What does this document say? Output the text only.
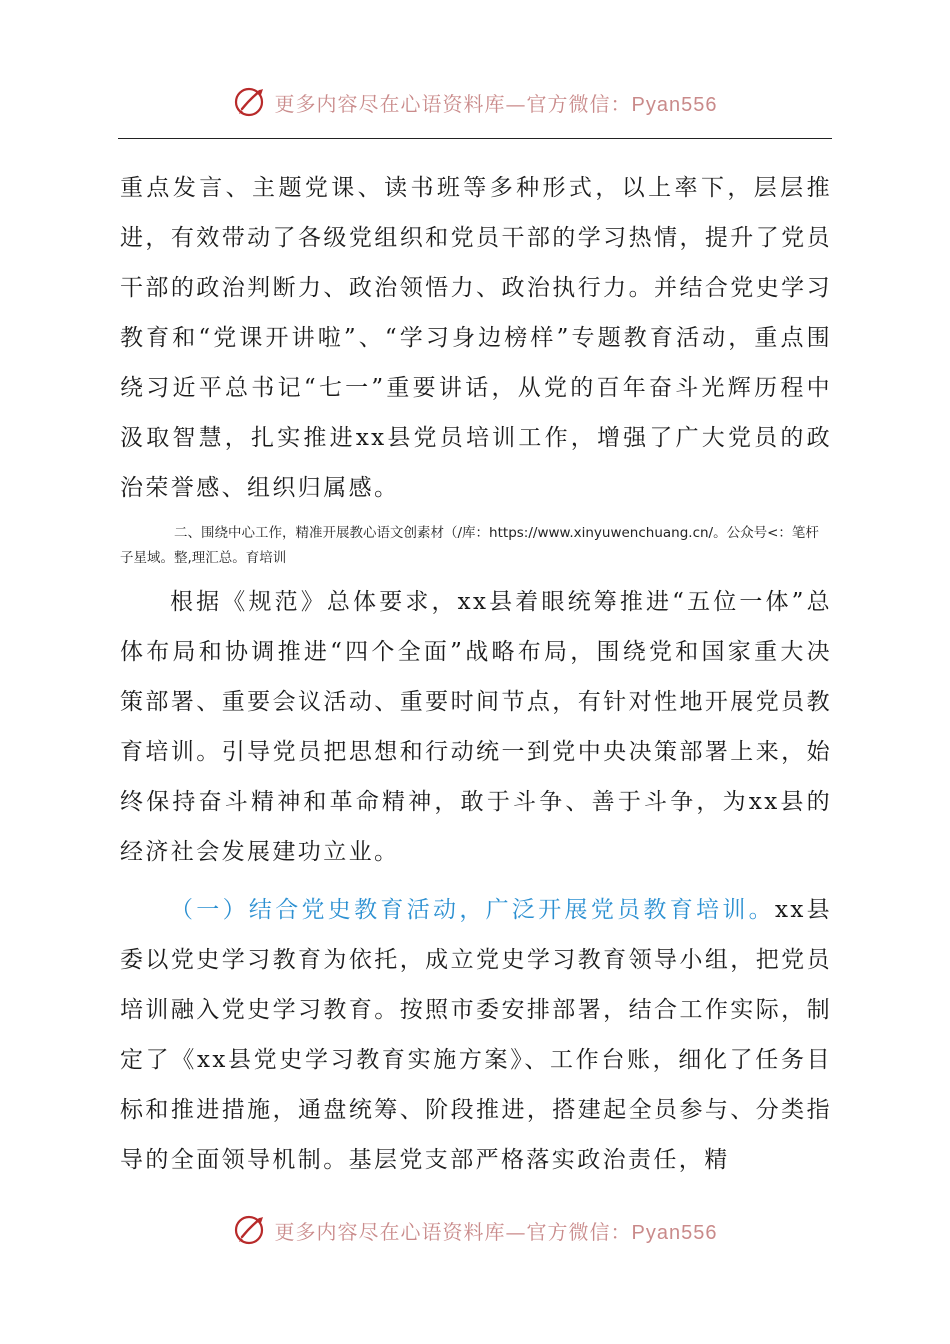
更多内容尽在心语资料库—官方微信：Pyan556

重点发言、主题党课、读书班等多种形式，以上率下，层层推进，有效带动了各级党组织和党员干部的学习热情，提升了党员干部的政治判断力、政治领悟力、政治执行力。并结合党史学习教育和“党课开讲啦”、“学习身边榜样”专题教育活动，重点围绕习近平总书记“七一”重要讲话，从党的百年奋斗光辉历程中汲取智慧，扎实推进xx县党员培训工作，增强了广大党员的政治荣誉感、组织归属感。

二、围绕中心工作，精准开展教心语文创素材（/库：https://www.xinyuwenchuang.cn/。公众号<：笔杆子星域。整,理汇总。育培训

根据《规范》总体要求，xx县着眼统筹推进“五位一体”总体布局和协调推进“四个全面”战略布局，围绕党和国家重大决策部署、重要会议活动、重要时间节点，有针对性地开展党员教育培训。引导党员把思想和行动统一到党中央决策部署上来，始终保持奋斗精神和革命精神，敢于斗争、善于斗争，为xx县的经济社会发展建功立业。

（一）结合党史教育活动，广泛开展党员教育培训。xx县委以党史学习教育为依托，成立党史学习教育领导小组，把党员培训融入党史学习教育。按照市委安排部署，结合工作实际，制定了《xx县党史学习教育实施方案》、工作台账，细化了任务目标和推进措施，通盘统筹、阶段推进，搭建起全员参与、分类指导的全面领导机制。基层党支部严格落实政治责任，精

更多内容尽在心语资料库—官方微信：Pyan556
